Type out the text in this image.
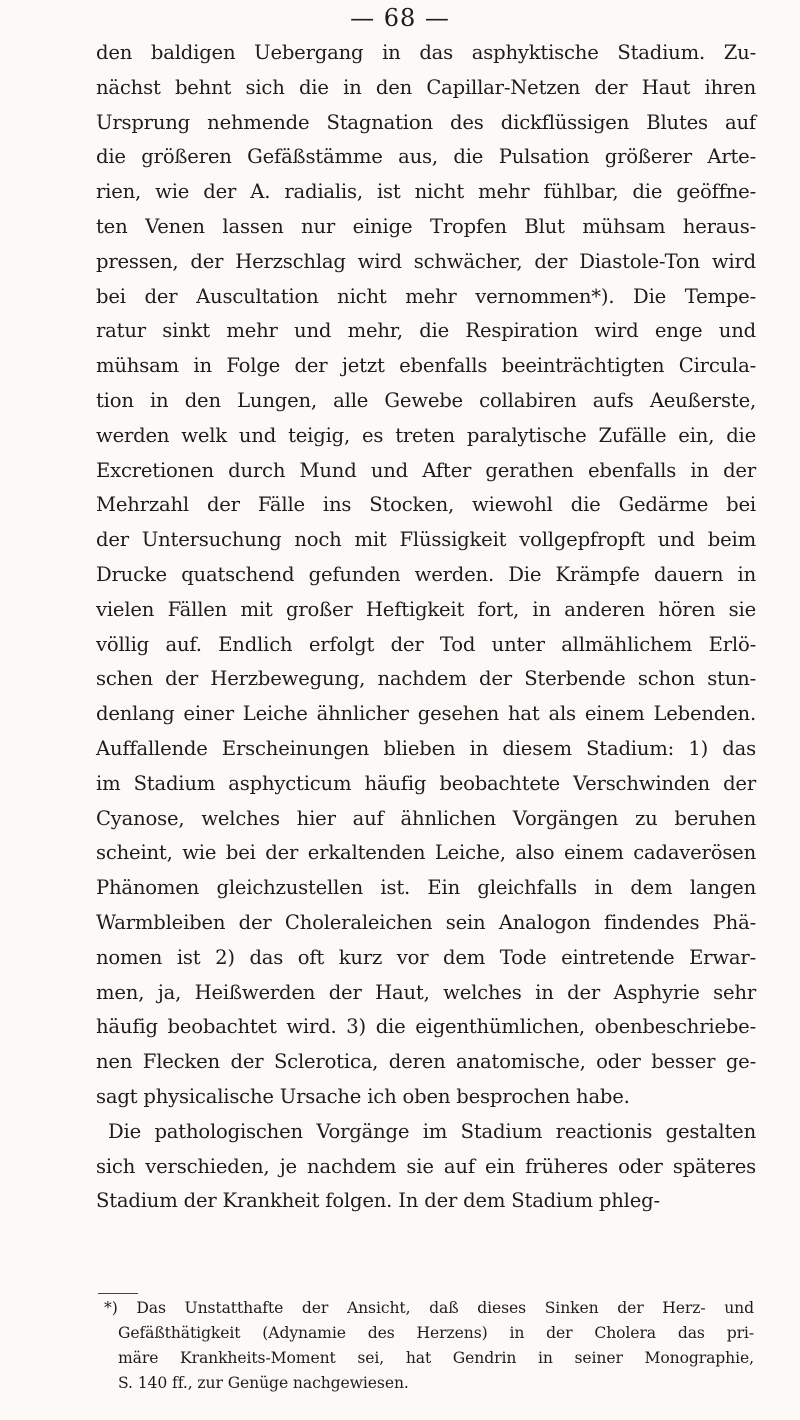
— 68 —
den baldigen Uebergang in das asphyktische Stadium. Zu-
nächst behnt sich die in den Capillar-Netzen der Haut ihren
Ursprung nehmende Stagnation des dickflüssigen Blutes auf
die größeren Gefäßstämme aus, die Pulsation größerer Arte-
rien, wie der A. radialis, ist nicht mehr fühlbar, die geöffne-
ten Venen lassen nur einige Tropfen Blut mühsam heraus-
pressen, der Herzschlag wird schwächer, der Diastole-Ton wird
bei der Auscultation nicht mehr vernommen*). Die Tempe-
ratur sinkt mehr und mehr, die Respiration wird enge und
mühsam in Folge der jetzt ebenfalls beeinträchtigten Circula-
tion in den Lungen, alle Gewebe collabiren aufs Aeußerste,
werden welk und teigig, es treten paralytische Zufälle ein, die
Excretionen durch Mund und After gerathen ebenfalls in der
Mehrzahl der Fälle ins Stocken, wiewohl die Gedärme bei
der Untersuchung noch mit Flüssigkeit vollgepfropft und beim
Drucke quatschend gefunden werden. Die Krämpfe dauern in
vielen Fällen mit großer Heftigkeit fort, in anderen hören sie
völlig auf. Endlich erfolgt der Tod unter allmählichem Erlö-
schen der Herzbewegung, nachdem der Sterbende schon stun-
denlang einer Leiche ähnlicher gesehen hat als einem Lebenden.
Auffallende Erscheinungen blieben in diesem Stadium: 1) das
im Stadium asphycticum häufig beobachtete Verschwinden der
Cyanose, welches hier auf ähnlichen Vorgängen zu beruhen
scheint, wie bei der erkaltenden Leiche, also einem cadaverösen
Phänomen gleichzustellen ist. Ein gleichfalls in dem langen
Warmbleiben der Choleraleichen sein Analogon findendes Phä-
nomen ist 2) das oft kurz vor dem Tode eintretende Erwar-
men, ja, Heißwerden der Haut, welches in der Asphyrie sehr
häufig beobachtet wird. 3) die eigenthümlichen, obenbeschriebe-
nen Flecken der Sclerotica, deren anatomische, oder besser ge-
sagt physicalische Ursache ich oben besprochen habe.
Die pathologischen Vorgänge im Stadium reactionis gestalten
sich verschieden, je nachdem sie auf ein früheres oder späteres
Stadium der Krankheit folgen. In der dem Stadium phleg-
*) Das Unstatthafte der Ansicht, daß dieses Sinken der Herz- und
Gefäßthätigkeit (Adynamie des Herzens) in der Cholera das pri-
märe Krankheits-Moment sei, hat Gendrin in seiner Monographie,
S. 140 ff., zur Genüge nachgewiesen.
